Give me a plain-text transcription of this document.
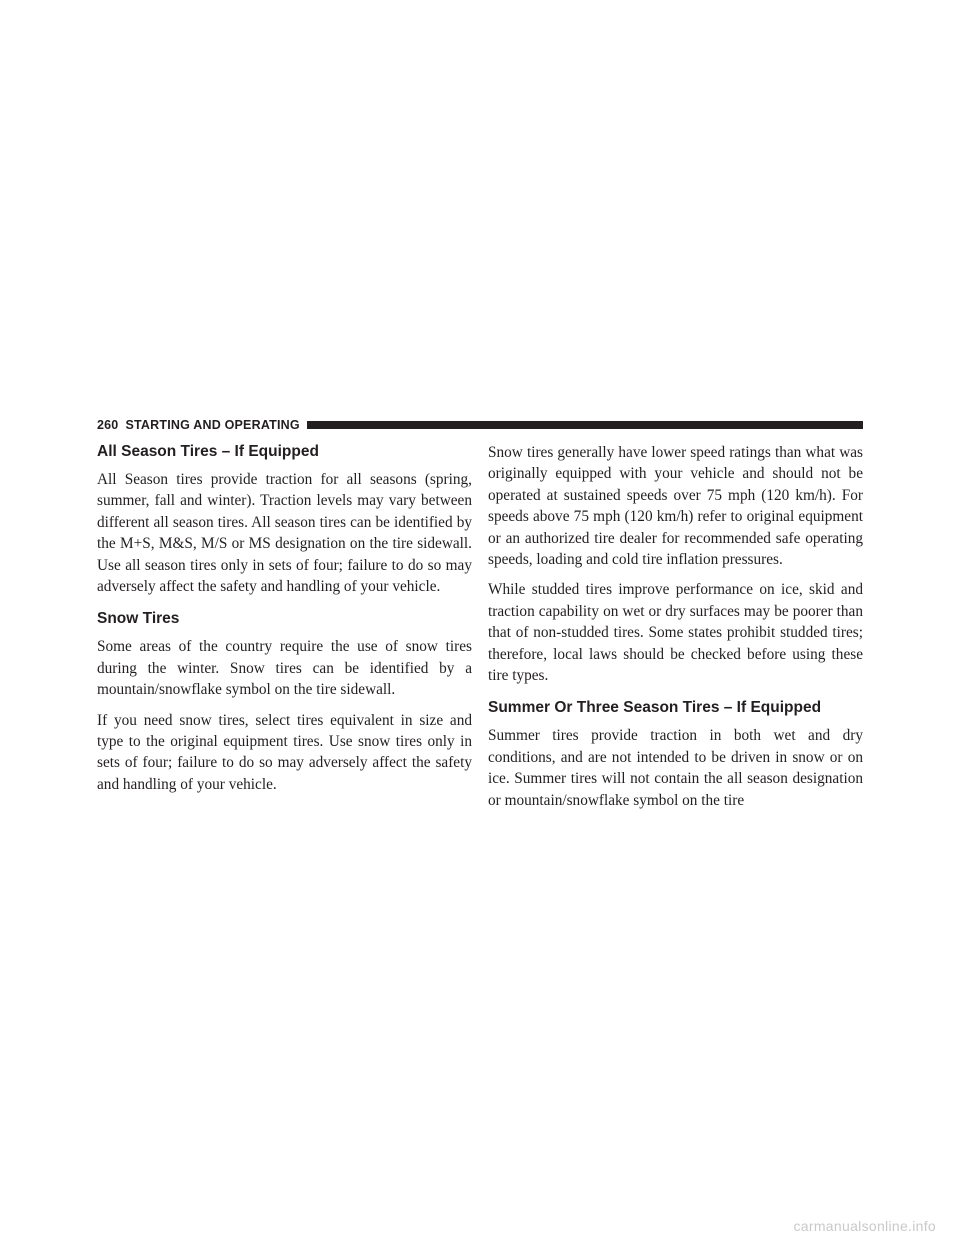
260 STARTING AND OPERATING
All Season Tires – If Equipped

All Season tires provide traction for all seasons (spring, summer, fall and winter). Traction levels may vary between different all season tires. All season tires can be identified by the M+S, M&S, M/S or MS designation on the tire sidewall. Use all season tires only in sets of four; failure to do so may adversely affect the safety and handling of your vehicle.

Snow Tires

Some areas of the country require the use of snow tires during the winter. Snow tires can be identified by a mountain/snowflake symbol on the tire sidewall.

If you need snow tires, select tires equivalent in size and type to the original equipment tires. Use snow tires only in sets of four; failure to do so may adversely affect the safety and handling of your vehicle.

Snow tires generally have lower speed ratings than what was originally equipped with your vehicle and should not be operated at sustained speeds over 75 mph (120 km/h). For speeds above 75 mph (120 km/h) refer to original equipment or an authorized tire dealer for recommended safe operating speeds, loading and cold tire inflation pressures.

While studded tires improve performance on ice, skid and traction capability on wet or dry surfaces may be poorer than that of non-studded tires. Some states prohibit studded tires; therefore, local laws should be checked before using these tire types.

Summer Or Three Season Tires – If Equipped

Summer tires provide traction in both wet and dry conditions, and are not intended to be driven in snow or on ice. Summer tires will not contain the all season designation or mountain/snowflake symbol on the tire

carmanualsonline.info
